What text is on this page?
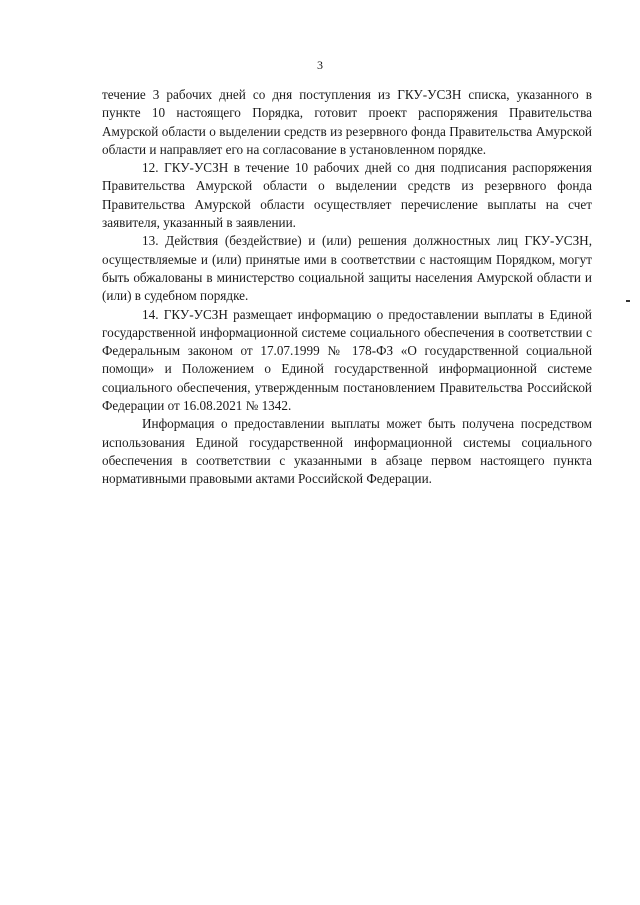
3

течение 3 рабочих дней со дня поступления из ГКУ-УСЗН списка, указанного в пункте 10 настоящего Порядка, готовит проект распоряжения Правительства Амурской области о выделении средств из резервного фонда Правительства Амурской области и направляет его на согласование в установленном порядке.

12. ГКУ-УСЗН в течение 10 рабочих дней со дня подписания распоряжения Правительства Амурской области о выделении средств из резервного фонда Правительства Амурской области осуществляет перечисление выплаты на счет заявителя, указанный в заявлении.

13. Действия (бездействие) и (или) решения должностных лиц ГКУ-УСЗН, осуществляемые и (или) принятые ими в соответствии с настоящим Порядком, могут быть обжалованы в министерство социальной защиты населения Амурской области и (или) в судебном порядке.

14. ГКУ-УСЗН размещает информацию о предоставлении выплаты в Единой государственной информационной системе социального обеспечения в соответствии с Федеральным законом от 17.07.1999 № 178-ФЗ «О государственной социальной помощи» и Положением о Единой государственной информационной системе социального обеспечения, утвержденным постановлением Правительства Российской Федерации от 16.08.2021 № 1342.

Информация о предоставлении выплаты может быть получена посредством использования Единой государственной информационной системы социального обеспечения в соответствии с указанными в абзаце первом настоящего пункта нормативными правовыми актами Российской Федерации.
